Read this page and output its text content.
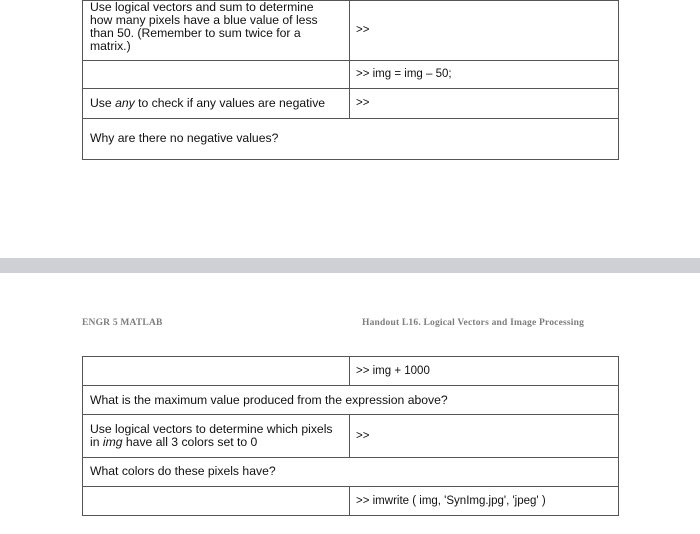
Use logical vectors and sum to determine
how many pixels have a blue value of less
than 50. (Remember to sum twice for a
matrix.)	>>
	>> img = img – 50;
Use any to check if any values are negative	>>
Why are there no negative values?	
ENGR 5 MATLAB	Handout L16. Logical Vectors and Image Processing
	>> img + 1000
What is the maximum value produced from the expression above?	

Use logical vectors to determine which pixels
in img have all 3 colors set to 0	>>
What colors do these pixels have?	
	>> imwrite ( img, 'SynImg.jpg', 'jpeg' )
